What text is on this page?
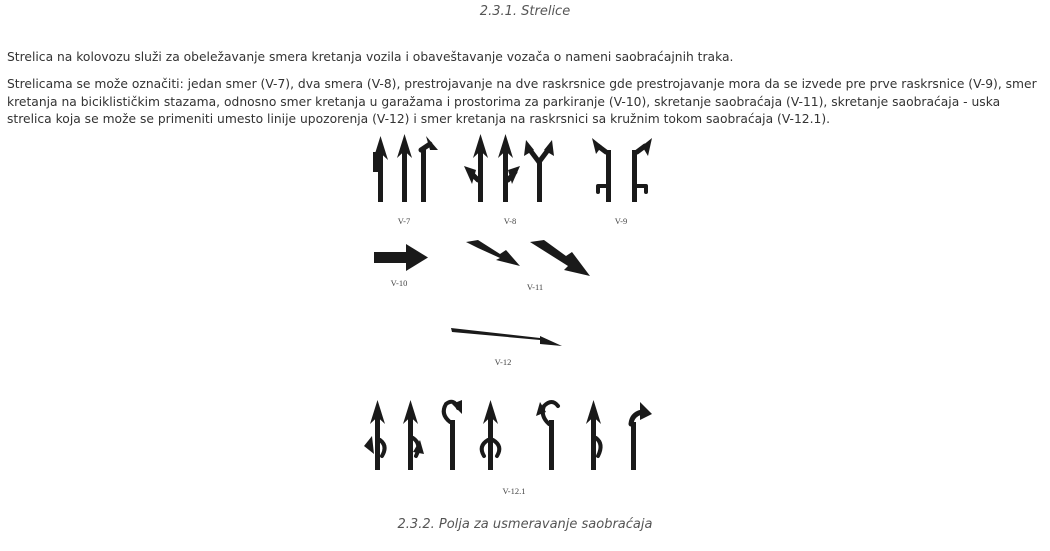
2.3.1. Strelice

Strelica na kolovozu služi za obeležavanje smera kretanja vozila i obaveštavanje vozača o nameni saobraćajnih traka.

Strelicama se može označiti: jedan smer (V-7), dva smera (V-8), prestrojavanje na dve raskrsnice gde prestrojavanje mora da se izvede pre prve raskrsnice (V-9), smer kretanja na biciklističkim stazama, odnosno smer kretanja u garažama i prostorima za parkiranje (V-10), skretanje saobraćaja (V-11), skretanje saobraćaja - uska strelica koja se može se primeniti umesto linije upozorenja (V-12) i smer kretanja na raskrsnici sa kružnim tokom saobraćaja (V-12.1).

V-7	V-8	V-9
V-10	V-11
V-12
V-12.1
2.3.2. Polja za usmeravanje saobraćaja
